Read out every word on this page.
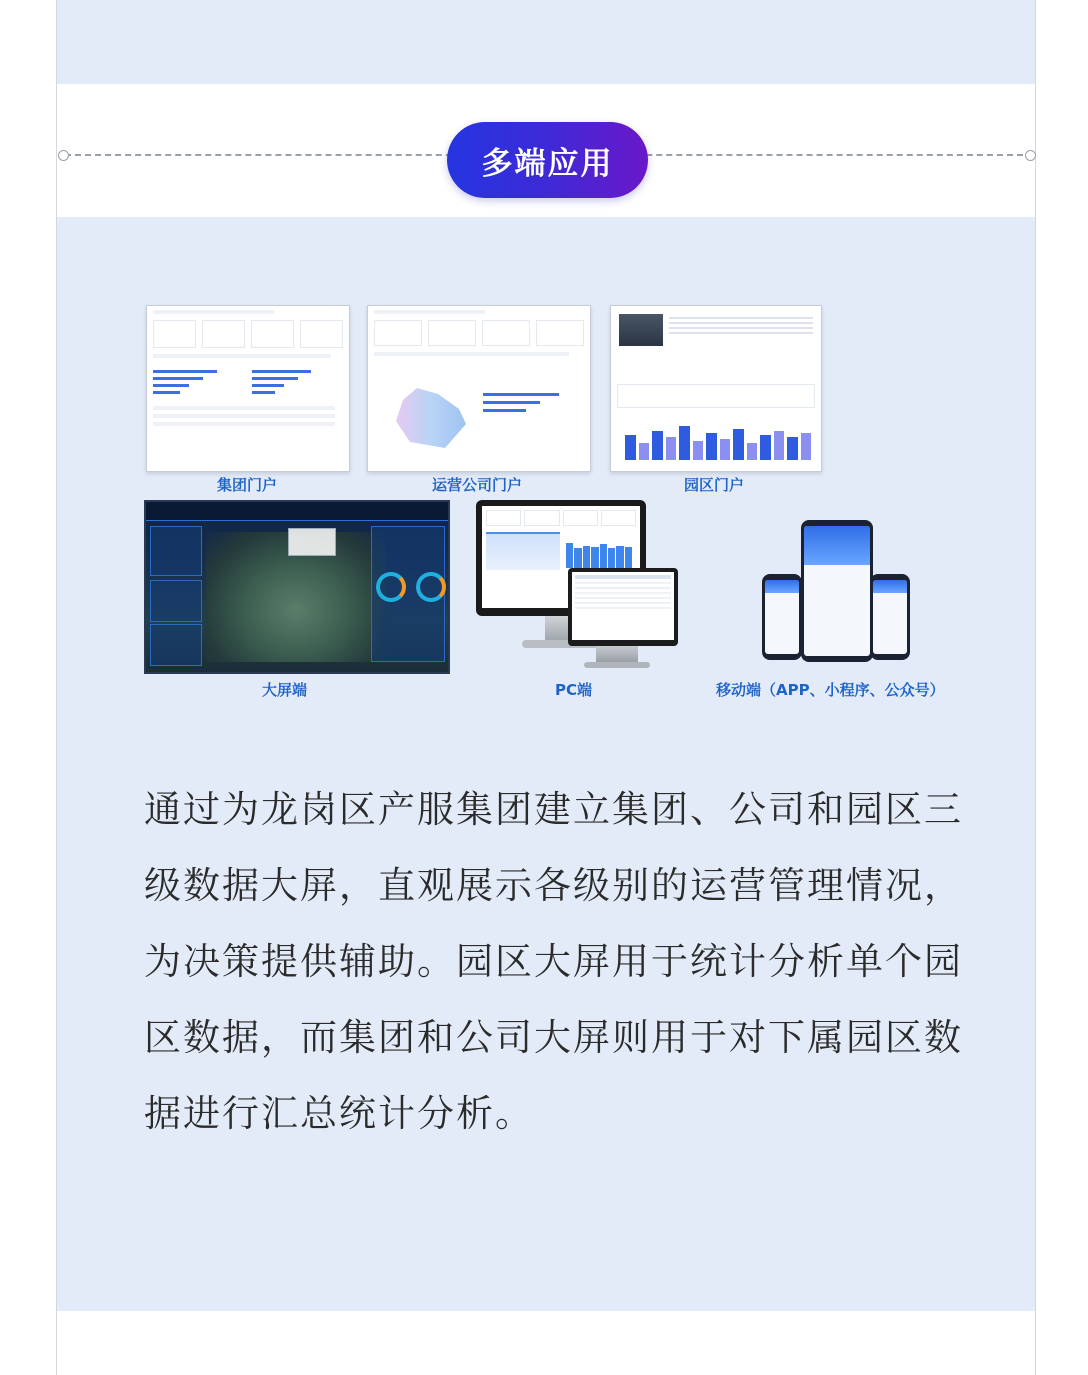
多端应用
集团门户	运营公司门户	园区门户
大屏端	PC端	移动端（APP、小程序、公众号）

通过为龙岗区产服集团建立集团、公司和园区三级数据大屏，直观展示各级别的运营管理情况，为决策提供辅助。园区大屏用于统计分析单个园区数据，而集团和公司大屏则用于对下属园区数据进行汇总统计分析。
